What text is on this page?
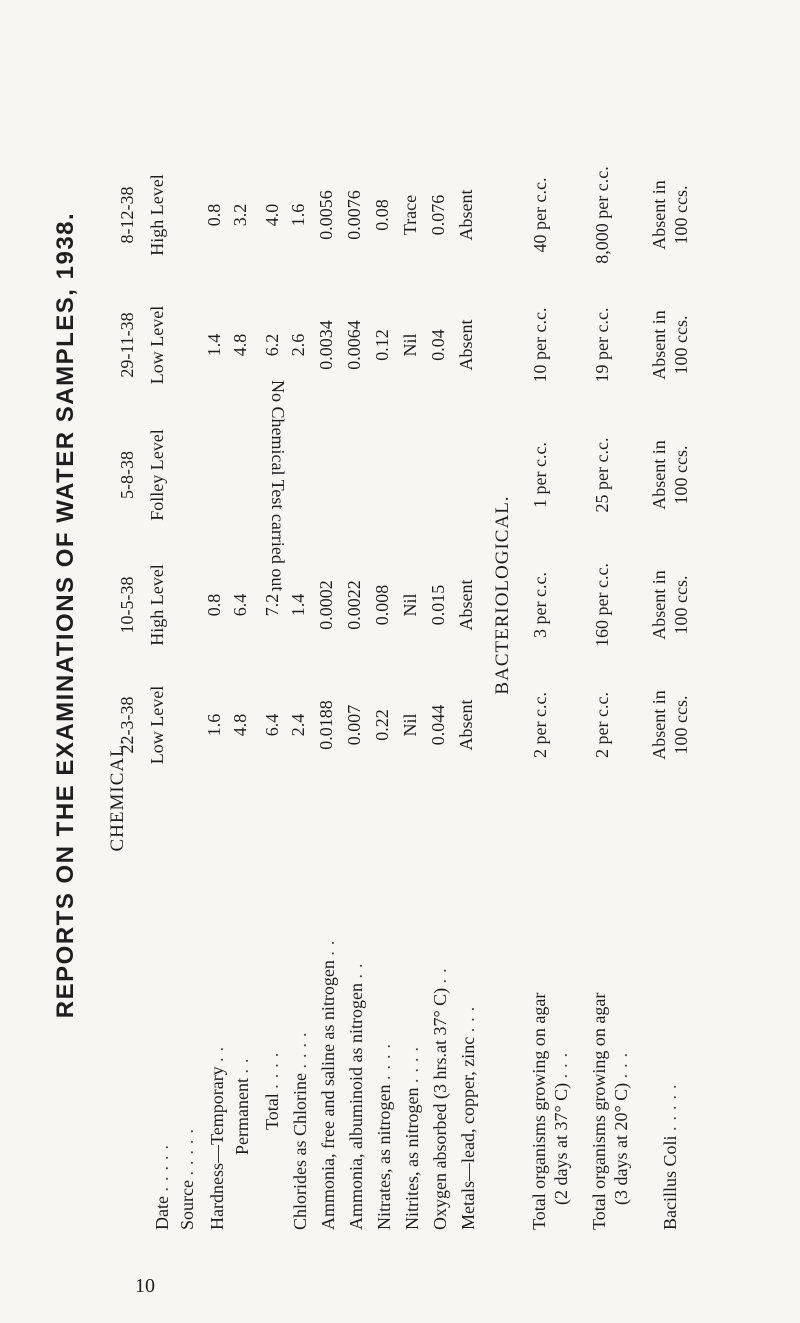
REPORTS ON THE EXAMINATIONS OF WATER SAMPLES, 1938. CHEMICAL.
Date .....
Source ..... Hardness—Temporary ..
Permanent ..
Total ....
Chlorides as Chlorine .... Ammonia, free and saline as nitrogen ..
Ammonia, albuminoid as nitrogen ..
Nitrates, as nitrogen ....
Nitrites, as nitrogen .... Oxygen absorbed (3 hrs.at 37° C) ..
Metals—lead, copper, zinc ...
22-3-38 Low Level 1.6 4.8 6.4 2.4 0.0188 0.007 0.22 Nil 0.044 Absent
10-5-38 High Level 0.8 6.4 7.2 1.4 0.0002 0.0022 0.008 Nil 0.015 Absent
5-8-38 Folley Level	No Chemical Test carried out
29-11-38 Low Level 1.4 4.8 6.2 2.6 0.0034 0.0064 0.12 Nil 0.04 Absent
8-12-38 High Level 0.8 3.2 4.0 1.6 0.0056 0.0076 0.08 Trace 0.076 Absent
BACTERIOLOGICAL.
Total organisms growing on agar (2 days at 37° C) ... Total organisms growing on agar (3 days at 20° C) ...
Bacillus Coli .....
2 per c.c. 2 per c.c. Absent in 100 ccs.
3 per c.c. 160 per c.c. Absent in 100 ccs.
1 per c.c. 25 per c.c. Absent in 100 ccs.
10 per c.c. 19 per c.c. Absent in 100 ccs.
40 per c.c. 8,000 per c.c. Absent in 100 ccs.
10
